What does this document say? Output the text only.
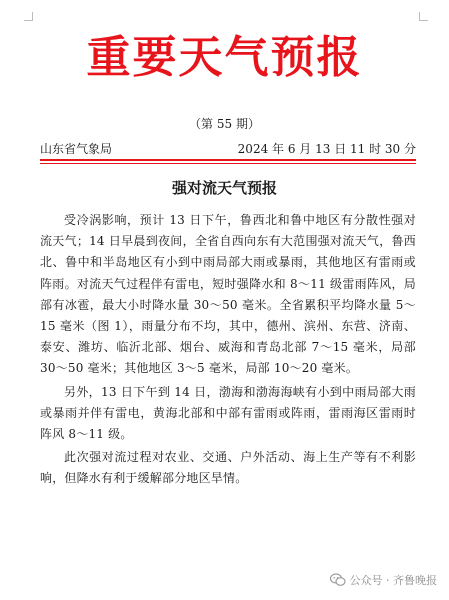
重要天气预报
（第 55 期）
山东省气象局	2024 年 6 月 13 日 11 时 30 分
强对流天气预报

受冷涡影响，预计 13 日下午，鲁西北和鲁中地区有分散性强对流天气；14 日早晨到夜间，全省自西向东有大范围强对流天气，鲁西北、鲁中和半岛地区有小到中雨局部大雨或暴雨，其他地区有雷雨或阵雨。对流天气过程伴有雷电，短时强降水和 8～11 级雷雨阵风，局部有冰雹，最大小时降水量 30～50 毫米。全省累积平均降水量 5～15 毫米（图 1），雨量分布不均，其中，德州、滨州、东营、济南、泰安、潍坊、临沂北部、烟台、威海和青岛北部 7～15 毫米，局部 30～50 毫米；其他地区 3～5 毫米，局部 10～20 毫米。

另外，13 日下午到 14 日，渤海和渤海海峡有小到中雨局部大雨或暴雨并伴有雷电，黄海北部和中部有雷雨或阵雨，雷雨海区雷雨时阵风 8～11 级。

此次强对流过程对农业、交通、户外活动、海上生产等有不利影响，但降水有利于缓解部分地区旱情。

公众号 · 齐鲁晚报
